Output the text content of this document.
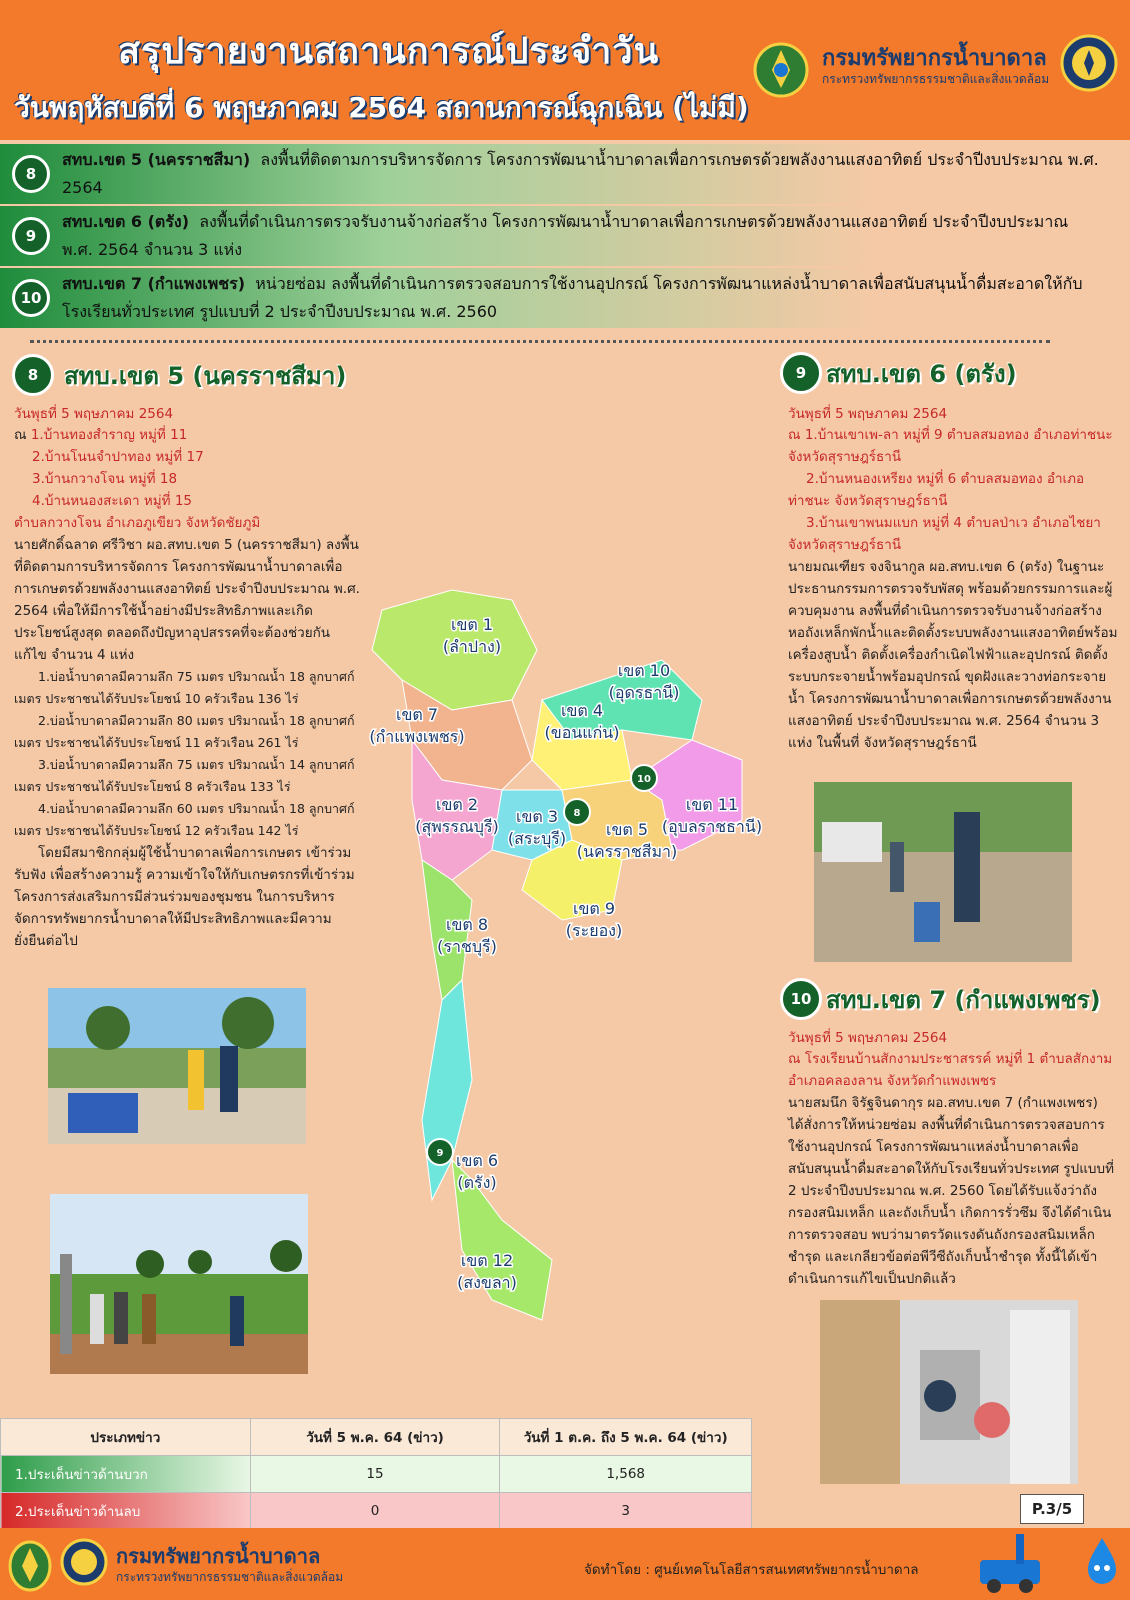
สรุปรายงานสถานการณ์ประจำวัน
วันพฤหัสบดีที่ 6 พฤษภาคม 2564 สถานการณ์ฉุกเฉิน (ไม่มี)
กรมทรัพยากรน้ำบาดาล
กระทรวงทรัพยากรธรรมชาติและสิ่งแวดล้อม
8
สทบ.เขต 5 (นครราชสีมา) ลงพื้นที่ติดตามการบริหารจัดการ โครงการพัฒนาน้ำบาดาลเพื่อการเกษตรด้วยพลังงานแสงอาทิตย์ ประจำปีงบประมาณ พ.ศ. 2564
9
สทบ.เขต 6 (ตรัง) ลงพื้นที่ดำเนินการตรวจรับงานจ้างก่อสร้าง โครงการพัฒนาน้ำบาดาลเพื่อการเกษตรด้วยพลังงานแสงอาทิตย์ ประจำปีงบประมาณ พ.ศ. 2564 จำนวน 3 แห่ง
10
สทบ.เขต 7 (กำแพงเพชร) หน่วยซ่อม ลงพื้นที่ดำเนินการตรวจสอบการใช้งานอุปกรณ์ โครงการพัฒนาแหล่งน้ำบาดาลเพื่อสนับสนุนน้ำดื่มสะอาดให้กับโรงเรียนทั่วประเทศ รูปแบบที่ 2 ประจำปีงบประมาณ พ.ศ. 2560
8	สทบ.เขต 5 (นครราชสีมา)
วันพุธที่ 5 พฤษภาคม 2564
ณ 1.บ้านทองสำราญ หมู่ที่ 11
2.บ้านโนนจำปาทอง หมู่ที่ 17
3.บ้านกวางโจน หมู่ที่ 18
4.บ้านหนองสะเดา หมู่ที่ 15
ตำบลกวางโจน อำเภอภูเขียว จังหวัดชัยภูมิ
นายศักดิ์ฉลาด ศรีวิชา ผอ.สทบ.เขต 5 (นครราชสีมา) ลงพื้นที่ติดตามการบริหารจัดการ โครงการพัฒนาน้ำบาดาลเพื่อการเกษตรด้วยพลังงานแสงอาทิตย์ ประจำปีงบประมาณ พ.ศ. 2564 เพื่อให้มีการใช้น้ำอย่างมีประสิทธิภาพและเกิดประโยชน์สูงสุด ตลอดถึงปัญหาอุปสรรคที่จะต้องช่วยกันแก้ไข จำนวน 4 แห่ง
1.บ่อน้ำบาดาลมีความลึก 75 เมตร ปริมาณน้ำ 18 ลูกบาศก์เมตร ประชาชนได้รับประโยชน์ 10 ครัวเรือน 136 ไร่
2.บ่อน้ำบาดาลมีความลึก 80 เมตร ปริมาณน้ำ 18 ลูกบาศก์เมตร ประชาชนได้รับประโยชน์ 11 ครัวเรือน 261 ไร่
3.บ่อน้ำบาดาลมีความลึก 75 เมตร ปริมาณน้ำ 14 ลูกบาศก์เมตร ประชาชนได้รับประโยชน์ 8 ครัวเรือน 133 ไร่
4.บ่อน้ำบาดาลมีความลึก 60 เมตร ปริมาณน้ำ 18 ลูกบาศก์เมตร ประชาชนได้รับประโยชน์ 12 ครัวเรือน 142 ไร่
โดยมีสมาชิกกลุ่มผู้ใช้น้ำบาดาลเพื่อการเกษตร เข้าร่วมรับฟัง เพื่อสร้างความรู้ ความเข้าใจให้กับเกษตรกรที่เข้าร่วมโครงการส่งเสริมการมีส่วนร่วมของชุมชน ในการบริหารจัดการทรัพยากรน้ำบาดาลให้มีประสิทธิภาพและมีความยั่งยืนต่อไป
เขต 1
(ลำปาง)
เขต 7
(กำแพงเพชร)
เขต 10
(อุดรธานี)
เขต 4
(ขอนแก่น)
เขต 2
(สุพรรณบุรี)
เขต 3
(สระบุรี) เขต 5
(นครราชสีมา)
เขต 11
(อุบลราชธานี)
เขต 8
(ราชบุรี)
เขต 9
(ระยอง)
เขต 6
(ตรัง)
เขต 12
(สงขลา)
8
9
10
9 สทบ.เขต 6 (ตรัง)
วันพุธที่ 5 พฤษภาคม 2564
ณ 1.บ้านเขาเพ-ลา หมู่ที่ 9 ตำบลสมอทอง อำเภอท่าชนะ จังหวัดสุราษฎร์ธานี
2.บ้านหนองเหรียง หมู่ที่ 6 ตำบลสมอทอง อำเภอท่าชนะ จังหวัดสุราษฎร์ธานี
3.บ้านเขาพนมแบก หมู่ที่ 4 ตำบลป่าเว อำเภอไชยา จังหวัดสุราษฎร์ธานี
นายมณเฑียร จงจินากูล ผอ.สทบ.เขต 6 (ตรัง) ในฐานะประธานกรรมการตรวจรับพัสดุ พร้อมด้วยกรรมการและผู้ควบคุมงาน ลงพื้นที่ดำเนินการตรวจรับงานจ้างก่อสร้างหอถังเหล็กพักน้ำและติดตั้งระบบพลังงานแสงอาทิตย์พร้อมเครื่องสูบน้ำ ติดตั้งเครื่องกำเนิดไฟฟ้าและอุปกรณ์ ติดตั้งระบบกระจายน้ำพร้อมอุปกรณ์ ขุดฝังและวางท่อกระจายน้ำ โครงการพัฒนาน้ำบาดาลเพื่อการเกษตรด้วยพลังงานแสงอาทิตย์ ประจำปีงบประมาณ พ.ศ. 2564 จำนวน 3 แห่ง ในพื้นที่ จังหวัดสุราษฎร์ธานี
10 สทบ.เขต 7 (กำแพงเพชร)
วันพุธที่ 5 พฤษภาคม 2564
ณ โรงเรียนบ้านสักงามประชาสรรค์ หมู่ที่ 1 ตำบลสักงาม อำเภอคลองลาน จังหวัดกำแพงเพชร
นายสมนึก จิรัฐจินดากุร ผอ.สทบ.เขต 7 (กำแพงเพชร) ได้สั่งการให้หน่วยซ่อม ลงพื้นที่ดำเนินการตรวจสอบการใช้งานอุปกรณ์ โครงการพัฒนาแหล่งน้ำบาดาลเพื่อสนับสนุนน้ำดื่มสะอาดให้กับโรงเรียนทั่วประเทศ รูปแบบที่ 2 ประจำปีงบประมาณ พ.ศ. 2560 โดยได้รับแจ้งว่าถังกรองสนิมเหล็ก และถังเก็บน้ำ เกิดการรั่วซึม จึงได้ดำเนินการตรวจสอบ พบว่ามาตรวัดแรงดันถังกรองสนิมเหล็กชำรุด และเกลียวข้อต่อพีวีซีถังเก็บน้ำชำรุด ทั้งนี้ได้เข้าดำเนินการแก้ไขเป็นปกติแล้ว
ประเภทข่าว	วันที่ 5 พ.ค. 64 (ข่าว)	วันที่ 1 ต.ค. ถึง 5 พ.ค. 64 (ข่าว)
1.ประเด็นข่าวด้านบวก	15	1,568
2.ประเด็นข่าวด้านลบ	0	3	P.3/5
กรมทรัพยากรน้ำบาดาล
กระทรวงทรัพยากรธรรมชาติและสิ่งแวดล้อม	จัดทำโดย : ศูนย์เทคโนโลยีสารสนเทศทรัพยากรน้ำบาดาล
